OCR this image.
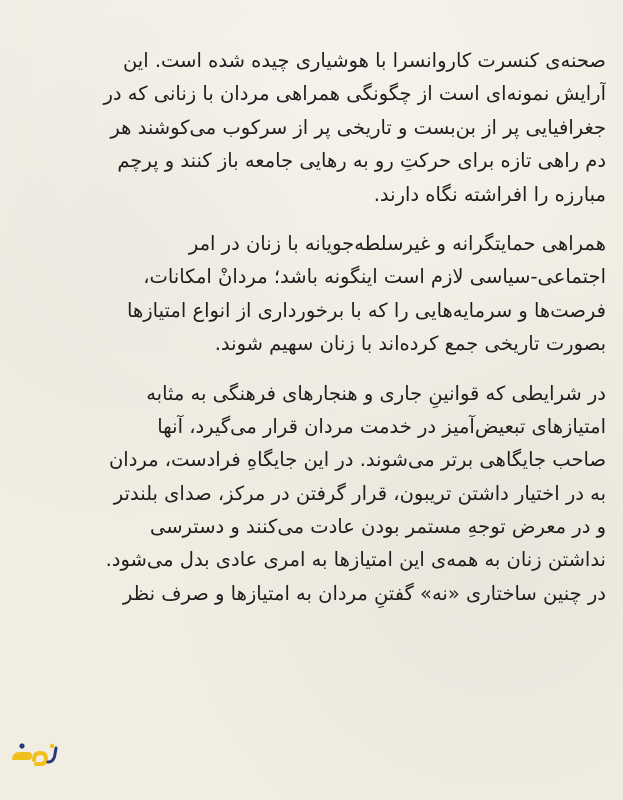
صحنه‌ی کنسرت کاروانسرا با هوشیاری چیده شده است. این
آرایش نمونه‌ای است از چگونگی همراهی مردان با زنانی که در
جغرافیایی پر از بن‌بست و تاریخی پر از سرکوب می‌کوشند هر
دم راهی تازه برای حرکتِ رو به رهایی جامعه باز کنند و پرچم
مبارزه را افراشته نگاه دارند.
همراهی حمایتگرانه و غیرسلطه‌جویانه با زنان در امر
اجتماعی-سیاسی لازم است اینگونه باشد؛ مردانْ امکانات،
فرصت‌ها و سرمایه‌هایی را که با برخورداری از انواع امتیازها
بصورت تاریخی جمع کرده‌اند با زنان سهیم شوند.
در شرایطی که قوانینِ جاری و هنجارهای فرهنگی به مثابه
امتیازهای تبعیض‌آمیز در خدمت مردان قرار می‌گیرد، آنها
صاحب جایگاهی برتر می‌شوند. در این جایگاهِ فرادست، مردان
به در اختیار داشتن تریبون، قرار گرفتن در مرکز، صدای بلندتر
و در معرض توجهِ مستمر بودن عادت می‌کنند و دسترسی
نداشتن زنان به همه‌ی این امتیازها به امری عادی بدل می‌شود.
در چنین ساختاری «نه» گفتنِ مردان به امتیازها و صرف نظر
